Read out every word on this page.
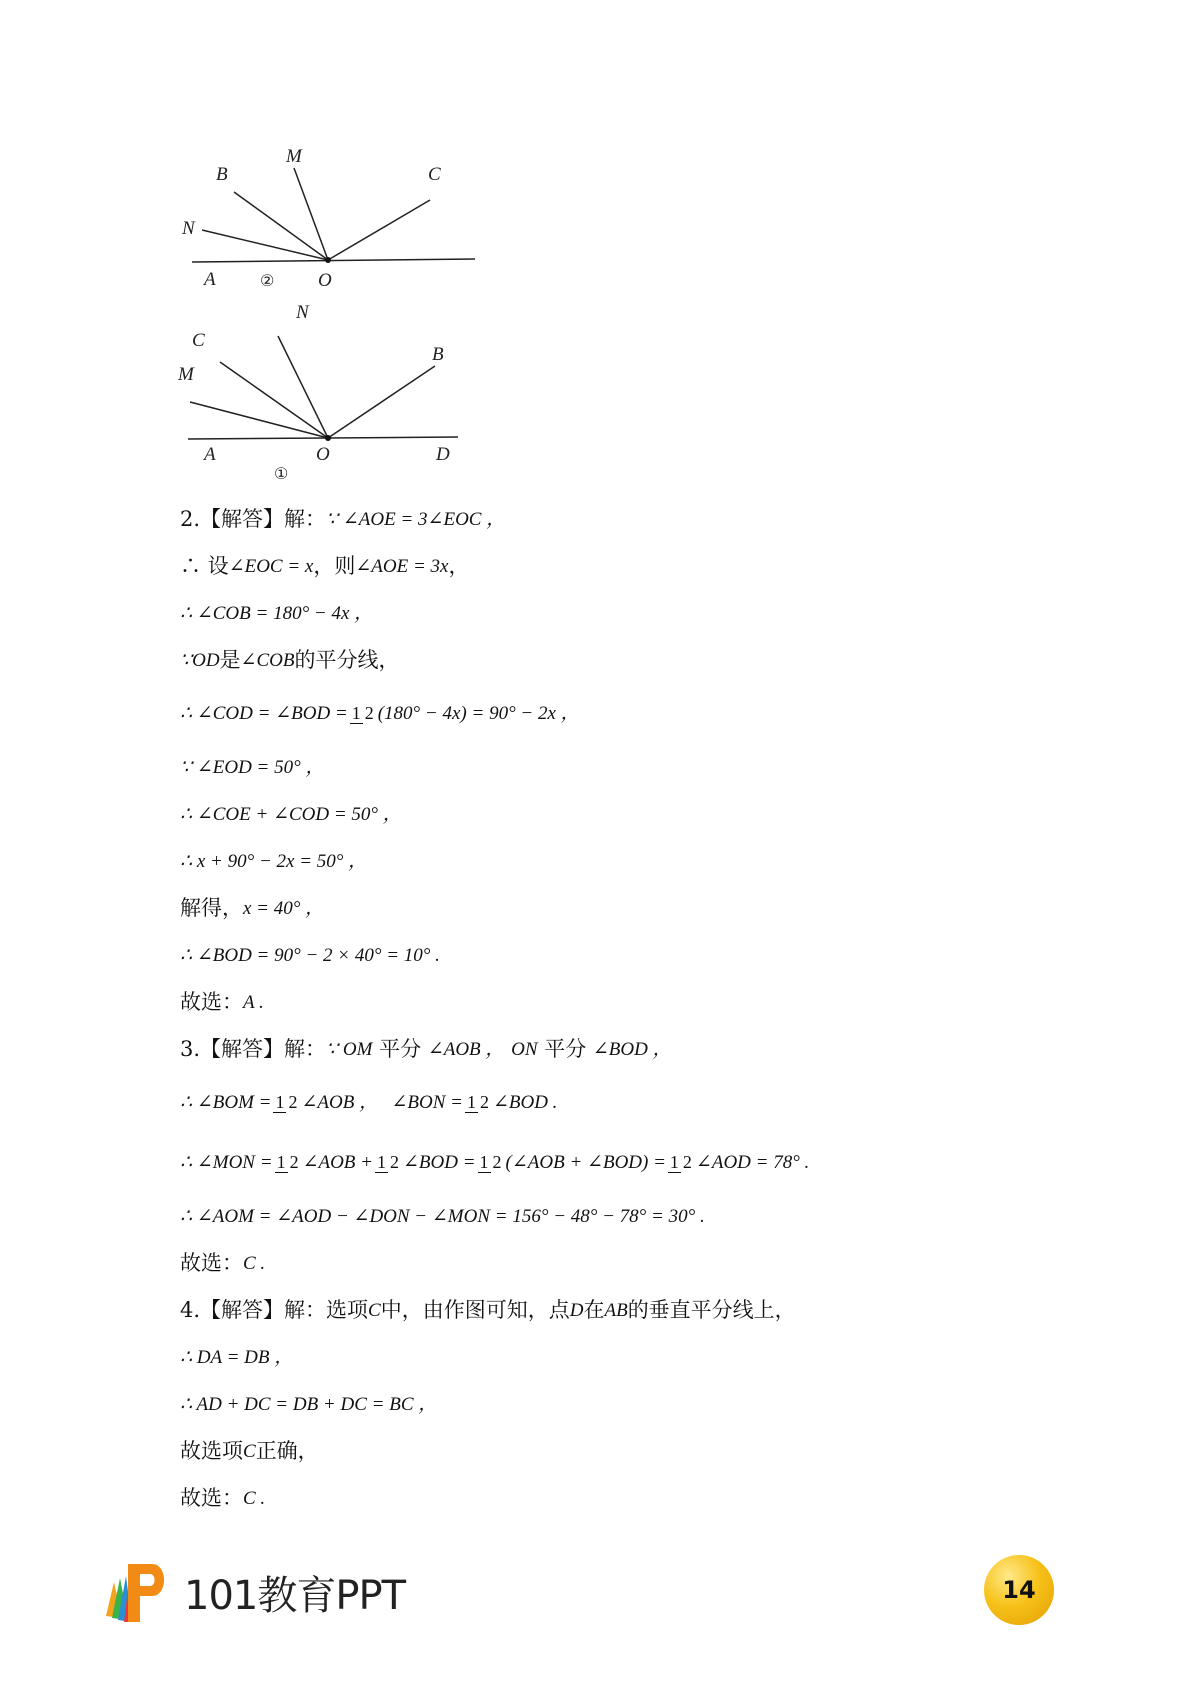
B
M
C
N
A	O
②
N
C
M
B
A	O	D
①
2.【解答】解： ∵ ∠AOE = 3∠EOC ，
∴ 设 ∠EOC = x ，则 ∠AOE = 3x ，
∴ ∠COB = 180° − 4x ，
∵ OD 是 ∠COB 的平分线，
∴ ∠COD = ∠BOD = 1 2 (180° − 4x) = 90° − 2x ，
∵ ∠EOD = 50° ，
∴ ∠COE + ∠COD = 50° ，
∴ x + 90° − 2x = 50° ，
解得， x = 40° ，
∴ ∠BOD = 90° − 2 × 40° = 10° .
故选： A .
3.【解答】解： ∵ OM
平分
∠AOB ，
ON
平分
∠BOD ，
∴ ∠BOM = 1 2 ∠AOB ，
∠BON = 1 2 ∠BOD .
∴ ∠MON = 1 2 ∠AOB + 1 2 ∠BOD = 1 2 (∠AOB + ∠BOD) = 1 2 ∠AOD = 78° .
∴ ∠AOM = ∠AOD − ∠DON − ∠MON = 156° − 48° − 78° = 30° .
故选： C .
4.【解答】解：选项 C 中，由作图可知，点 D 在 AB 的垂直平分线上，
∴ DA = DB ，
∴ AD + DC = DB + DC = BC ，
故选项 C 正确，
故选： C .
101教育PPT	14
